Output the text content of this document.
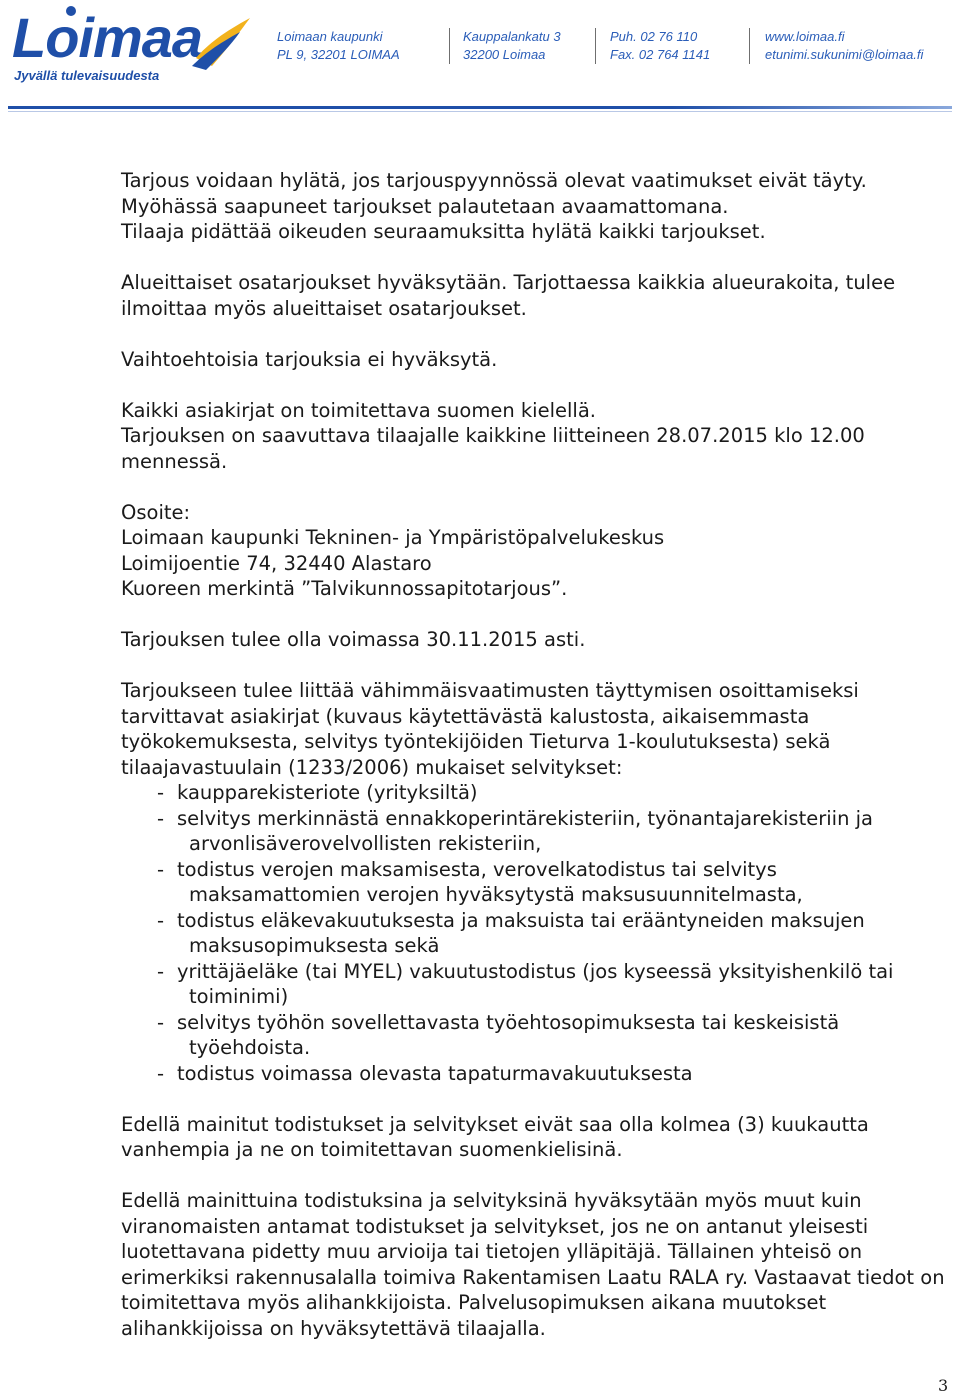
Loimaa
Jyvällä tulevaisuudesta
Loimaan kaupunki
PL 9, 32201 LOIMAA
Kauppalankatu 3
32200 Loimaa
Puh. 02 76 110
Fax. 02 764 1141
www.loimaa.fi
etunimi.sukunimi@loimaa.fi

Tarjous voidaan hylätä, jos tarjouspyynnössä olevat vaatimukset eivät täyty.
Myöhässä saapuneet tarjoukset palautetaan avaamattomana.
Tilaaja pidättää oikeuden seuraamuksitta hylätä kaikki tarjoukset.

Alueittaiset osatarjoukset hyväksytään. Tarjottaessa kaikkia alueurakoita, tulee ilmoittaa myös alueittaiset osatarjoukset.

Vaihtoehtoisia tarjouksia ei hyväksytä.

Kaikki asiakirjat on toimitettava suomen kielellä.
Tarjouksen on saavuttava tilaajalle kaikkine liitteineen 28.07.2015 klo 12.00 mennessä.

Osoite:
Loimaan kaupunki Tekninen- ja Ympäristöpalvelukeskus
Loimijoentie 74, 32440 Alastaro
Kuoreen merkintä ”Talvikunnossapitotarjous”.

Tarjouksen tulee olla voimassa 30.11.2015 asti.

Tarjoukseen tulee liittää vähimmäisvaatimusten täyttymisen osoittamiseksi tarvittavat asiakirjat (kuvaus käytettävästä kalustosta, aikaisemmasta työkokemuksesta, selvitys työntekijöiden Tieturva 1-koulutuksesta) sekä tilaajavastuulain (1233/2006) mukaiset selvitykset:

- kaupparekisteriote (yrityksiltä)
- selvitys merkinnästä ennakkoperintärekisteriin, työnantajarekisteriin ja arvonlisäverovelvollisten rekisteriin,
- todistus verojen maksamisesta, verovelkatodistus tai selvitys maksamattomien verojen hyväksytystä maksusuunnitelmasta,
- todistus eläkevakuutuksesta ja maksuista tai erääntyneiden maksujen maksusopimuksesta sekä
- yrittäjäeläke (tai MYEL) vakuutustodistus (jos kyseessä yksityishenkilö tai toiminimi)
- selvitys työhön sovellettavasta työehtosopimuksesta tai keskeisistä työehdoista.
- todistus voimassa olevasta tapaturmavakuutuksesta

Edellä mainitut todistukset ja selvitykset eivät saa olla kolmea (3) kuukautta vanhempia ja ne on toimitettavan suomenkielisinä.

Edellä mainittuina todistuksina ja selvityksinä hyväksytään myös muut kuin viranomaisten antamat todistukset ja selvitykset, jos ne on antanut yleisesti luotettavana pidetty muu arvioija tai tietojen ylläpitäjä. Tällainen yhteisö on erimerkiksi rakennusalalla toimiva Rakentamisen Laatu RALA ry. Vastaavat tiedot on toimitettava myös alihankkijoista. Palvelusopimuksen aikana muutokset alihankkijoissa on hyväksytettävä tilaajalla.

3
